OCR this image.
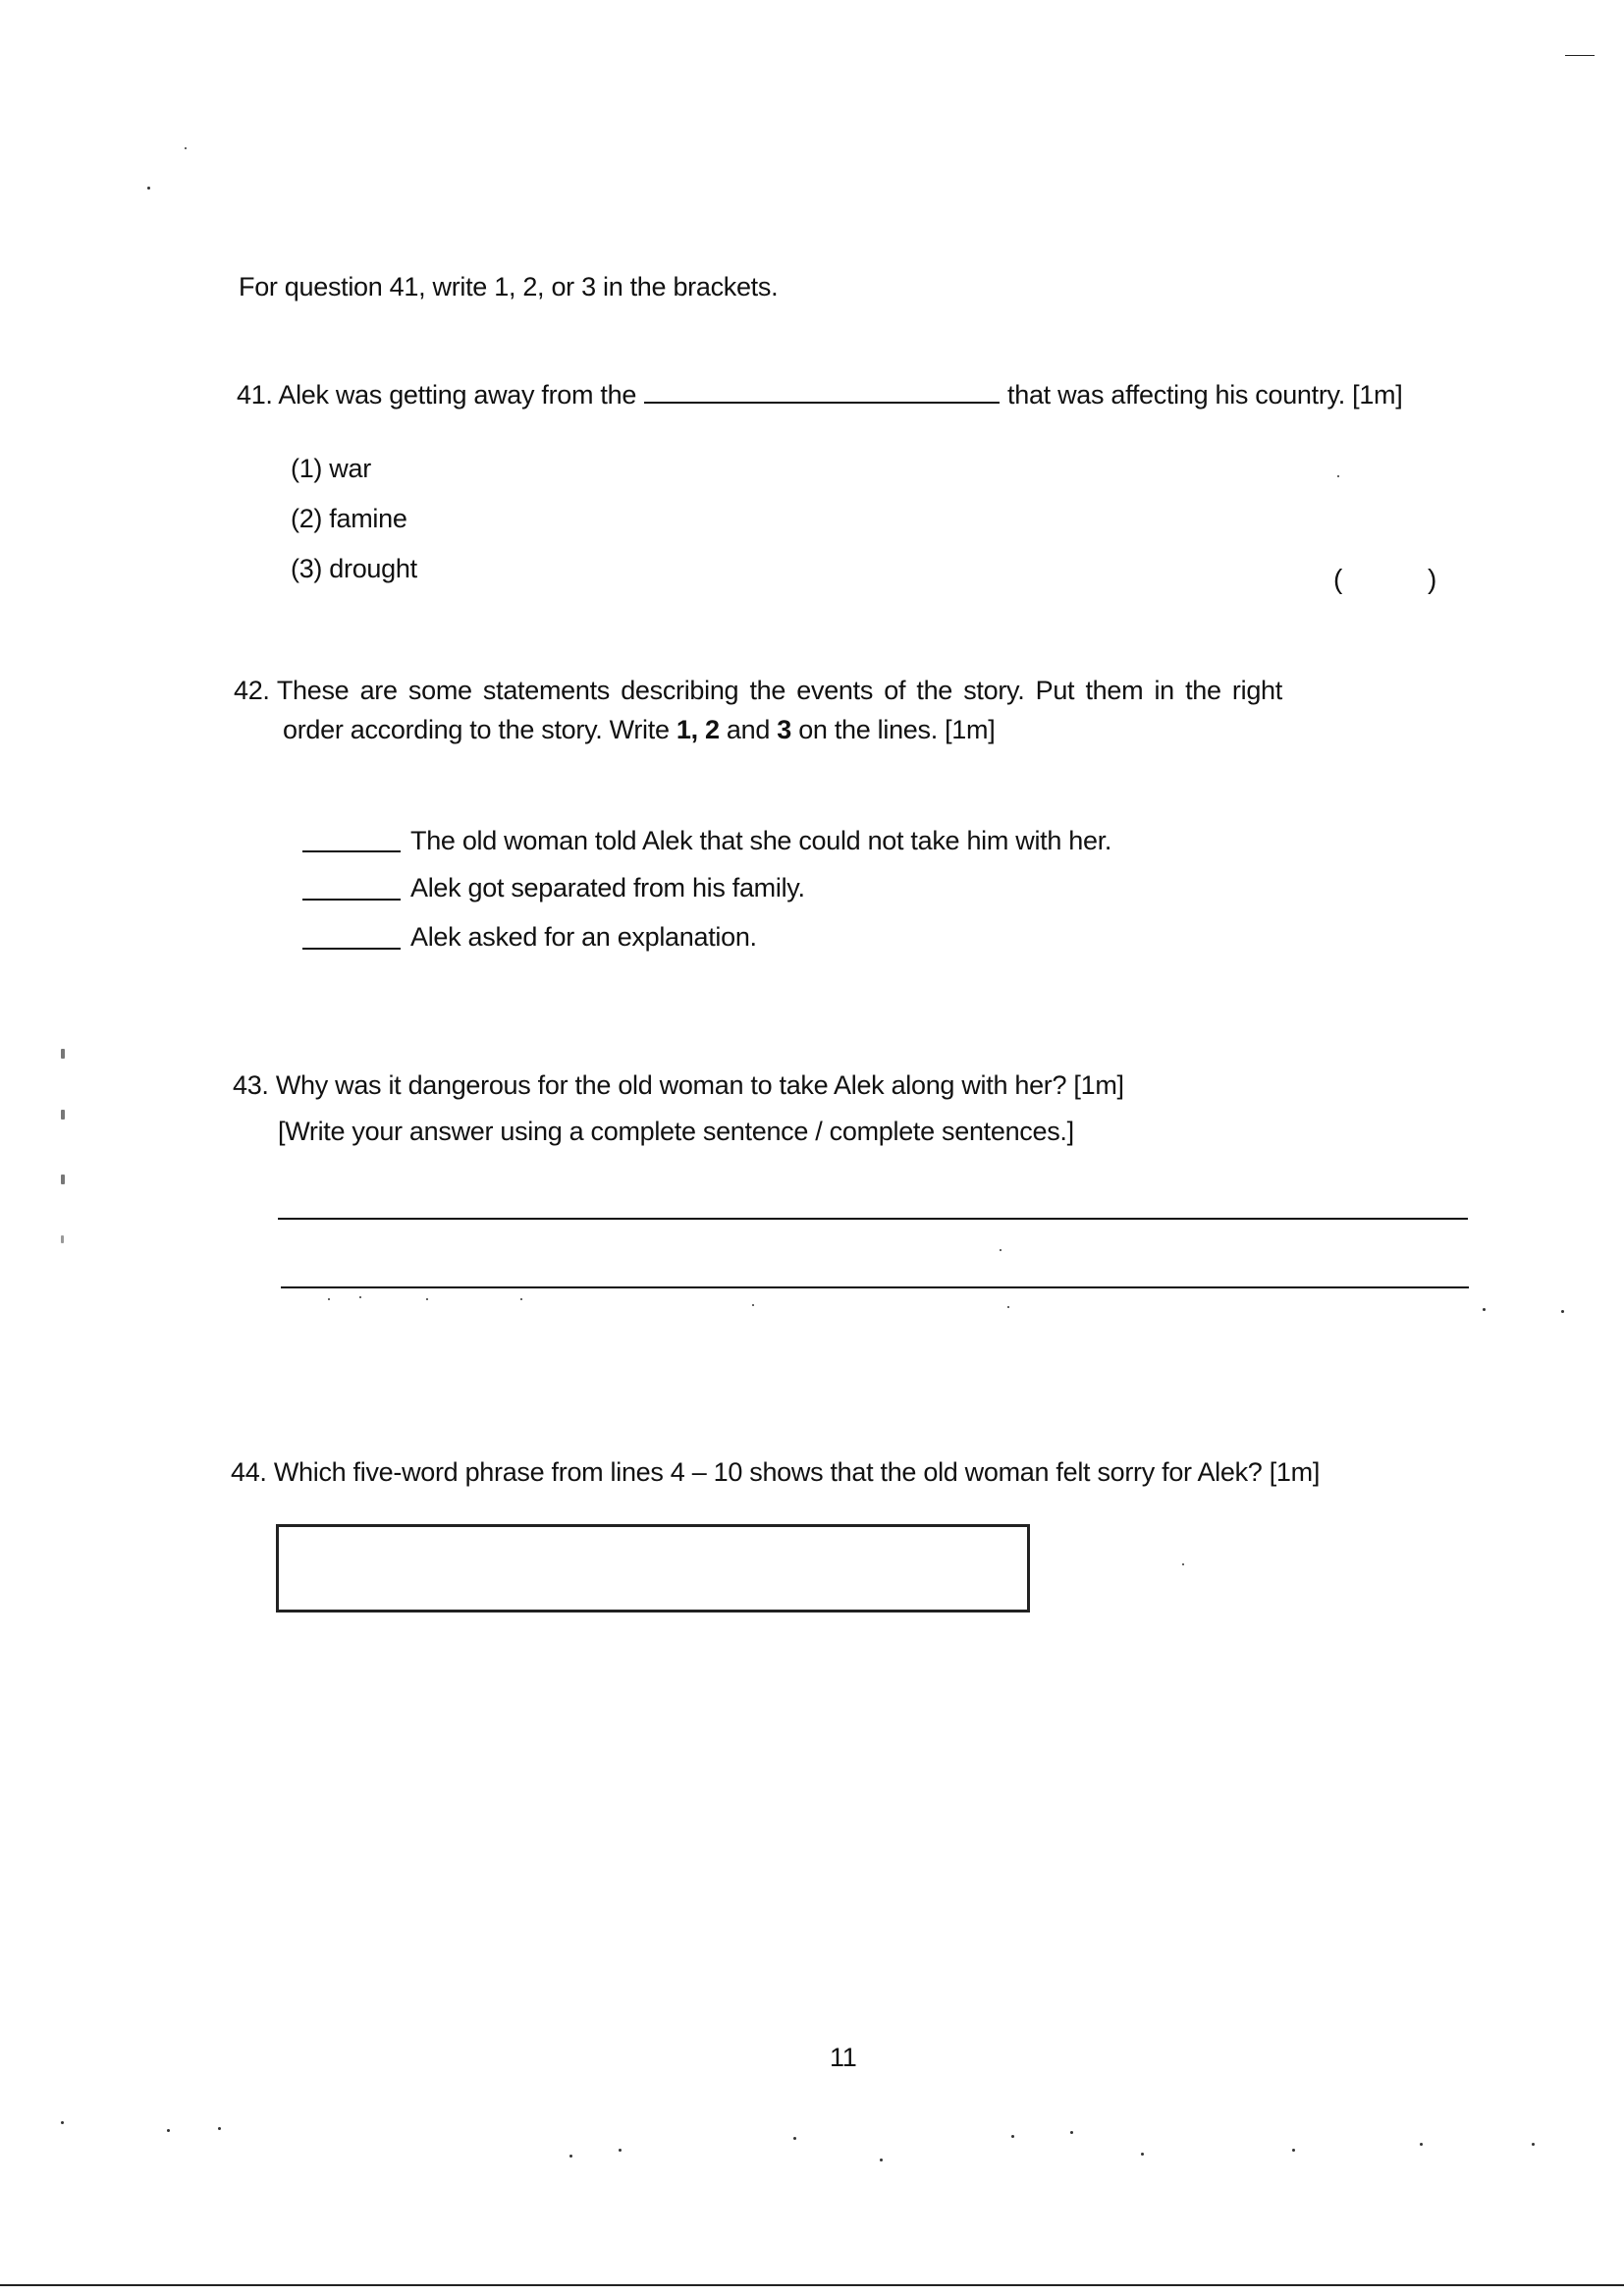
For question 41, write 1, 2, or 3 in the brackets.
41. Alek was getting away from the	that was affecting his country. [1m]
(1) war
(2) famine
(3) drought	(	)
42. These are some statements describing the events of the story. Put them in the right
order according to the story. Write 1, 2 and 3 on the lines. [1m]
The old woman told Alek that she could not take him with her.
Alek got separated from his family.
Alek asked for an explanation.
43. Why was it dangerous for the old woman to take Alek along with her? [1m]
[Write your answer using a complete sentence / complete sentences.]
44. Which five-word phrase from lines 4 – 10 shows that the old woman felt sorry for Alek? [1m]
11
